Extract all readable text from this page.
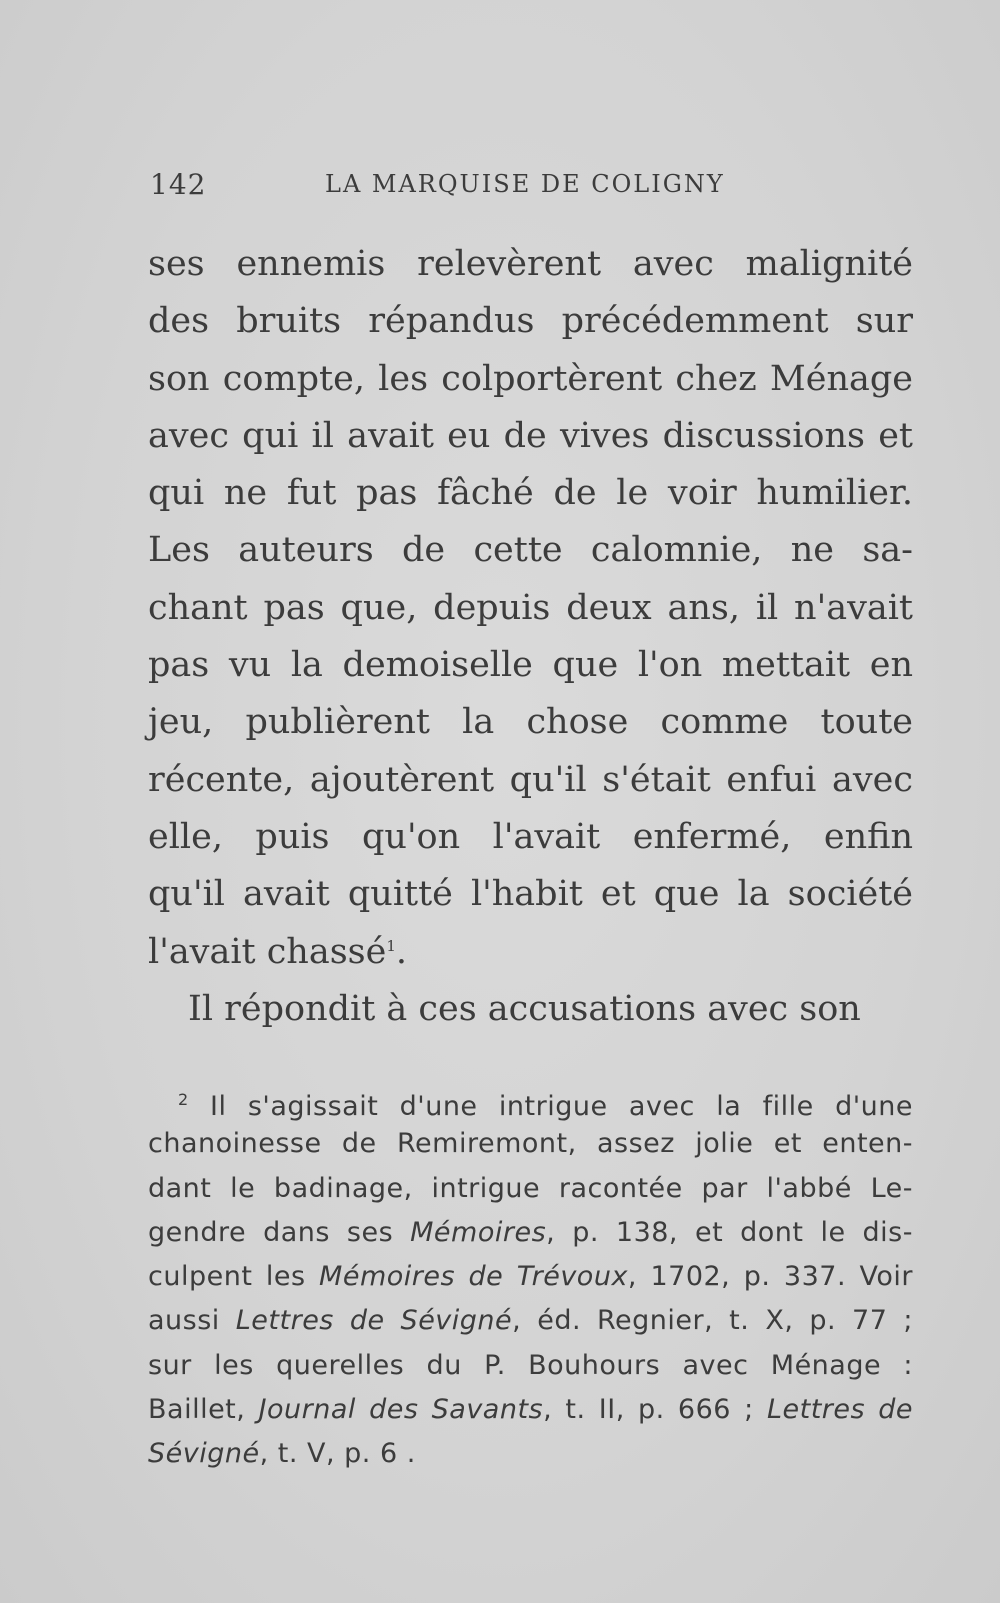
142	LA MARQUISE DE COLIGNY
ses ennemis relevèrent avec malignité
des bruits répandus précédemment sur
son compte, les colportèrent chez Ménage
avec qui il avait eu de vives discussions et
qui ne fut pas fâché de le voir humilier.
Les auteurs de cette calomnie, ne sa-
chant pas que, depuis deux ans, il n'avait
pas vu la demoiselle que l'on mettait en
jeu, publièrent la chose comme toute
récente, ajoutèrent qu'il s'était enfui avec
elle, puis qu'on l'avait enfermé, enfin
qu'il avait quitté l'habit et que la société
l'avait chassé$^1$.
Il répondit à ces accusations avec son
$^2$ Il s'agissait d'une intrigue avec la fille d'une
chanoinesse de Remiremont, assez jolie et enten-
dant le badinage, intrigue racontée par l'abbé Le-
gendre dans ses Mémoires, p. 138, et dont le dis-
culpent les Mémoires de Trévoux, 1702, p. 337. Voir
aussi Lettres de Sévigné, éd. Regnier, t. X, p. 77 ;
sur les querelles du P. Bouhours avec Ménage :
Baillet, Journal des Savants, t. II, p. 666 ; Lettres de
Sévigné, t. V, p. 6 .
